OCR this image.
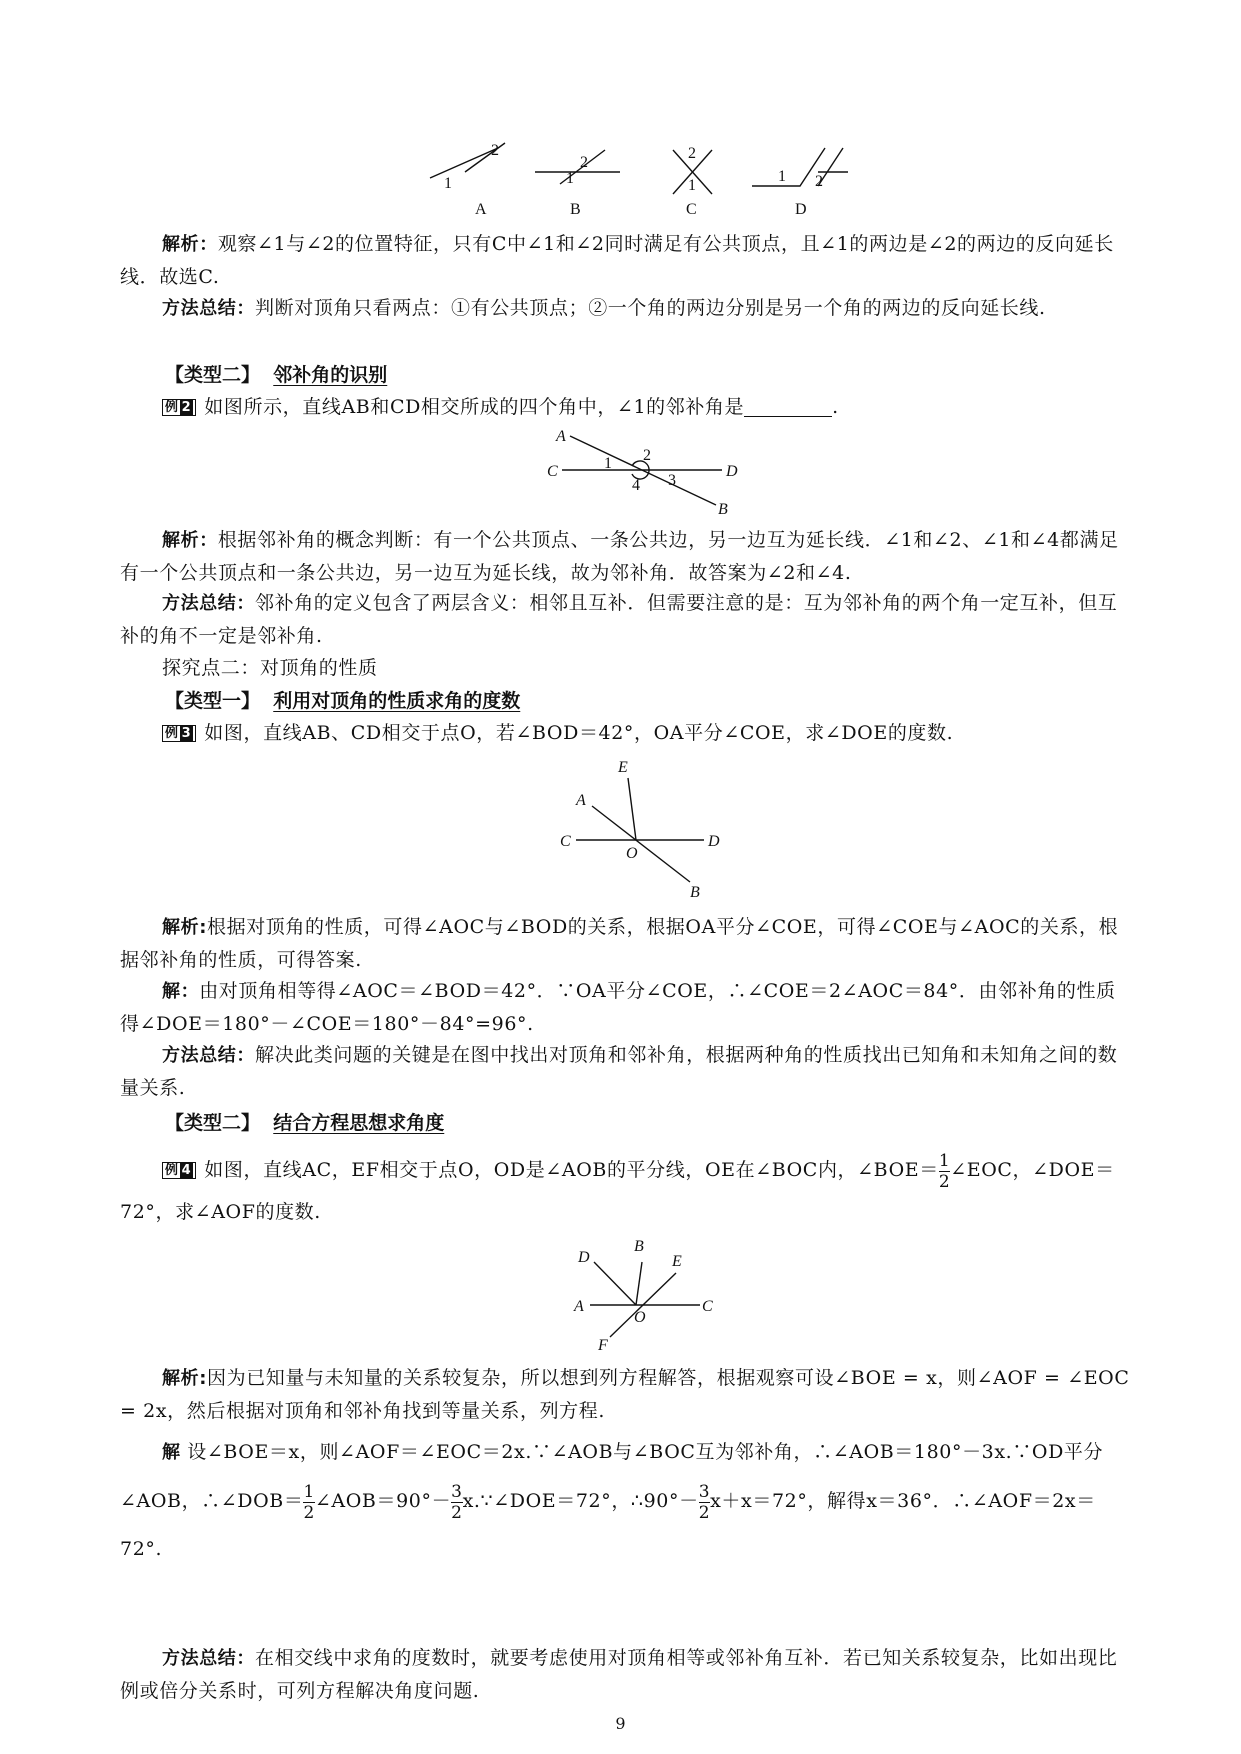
1
2
A
1
2
B
2
1
C
1 2
D
解析：观察∠1与∠2的位置特征，只有C中∠1和∠2同时满足有公共顶点，且∠1的两边是∠2的两边的反向延长线．故选C.
方法总结：判断对顶角只看两点：①有公共顶点；②一个角的两边分别是另一个角的两边的反向延长线.
【类型二】 邻补角的识别
例 2 如图所示，直线AB和CD相交所成的四个角中，∠1的邻补角是	.
A
C	D
B
1 2
3
4
解析：根据邻补角的概念判断：有一个公共顶点、一条公共边，另一边互为延长线．∠1和∠2、∠1和∠4都满足有一个公共顶点和一条公共边，另一边互为延长线，故为邻补角．故答案为∠2和∠4.
方法总结：邻补角的定义包含了两层含义：相邻且互补．但需要注意的是：互为邻补角的两个角一定互补，但互补的角不一定是邻补角.
探究点二：对顶角的性质
【类型一】 利用对顶角的性质求角的度数
例 3 如图，直线AB、CD相交于点O，若∠BOD＝42°，OA平分∠COE，求∠DOE的度数.
E
A
C
O
D
B
解析:根据对顶角的性质，可得∠AOC与∠BOD的关系，根据OA平分∠COE，可得∠COE与∠AOC的关系，根据邻补角的性质，可得答案.
解：由对顶角相等得∠AOC＝∠BOD＝42°．∵OA平分∠COE，∴∠COE＝2∠AOC＝84°．由邻补角的性质得∠DOE＝180°－∠COE＝180°－84°=96°.
方法总结：解决此类问题的关键是在图中找出对顶角和邻补角，根据两种角的性质找出已知角和未知角之间的数量关系.
【类型二】 结合方程思想求角度
例 4 如图，直线AC，EF相交于点O，OD是∠AOB的平分线，OE在∠BOC内，∠BOE＝ $\frac{1}{2}$ ∠EOC，∠DOE＝72°，求∠AOF的度数.
D
B
E
A
O
C
F
解析:因为已知量与未知量的关系较复杂，所以想到列方程解答，根据观察可设∠BOE = x，则∠AOF = ∠EOC = 2x，然后根据对顶角和邻补角找到等量关系，列方程.
解 设∠BOE＝x，则∠AOF＝∠EOC＝2x.∵∠AOB与∠BOC互为邻补角，∴∠AOB＝180°－3x.∵OD平分∠AOB，∴∠DOB＝ $\frac{1}{2}$ ∠AOB＝90°－ $\frac{3}{2}$ x.∵∠DOE＝72°，∴90°－ $\frac{3}{2} x+x=72^\circ$，解得x＝36°．∴∠AOF＝2x＝72°.
方法总结：在相交线中求角的度数时，就要考虑使用对顶角相等或邻补角互补．若已知关系较复杂，比如出现比例或倍分关系时，可列方程解决角度问题.
9
